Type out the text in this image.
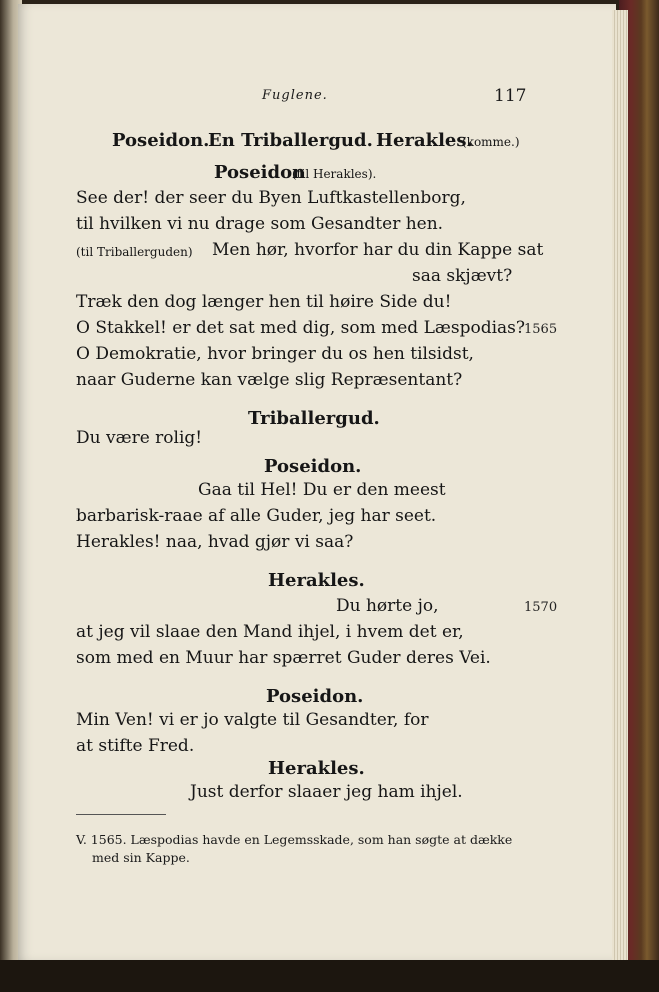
Fuglene.	117
Poseidon.
En Triballergud. Herakles.
(komme.)
Poseidon
(til Herakles).
See der! der seer du Byen Luftkastellenborg,
til hvilken vi nu drage som Gesandter hen.
(til Triballerguden) Men hør, hvorfor har du din Kappe sat
saa skjævt?
Træk den dog længer hen til høire Side du!
O Stakkel! er det sat med dig, som med Læspodias? 1565
O Demokratie, hvor bringer du os hen tilsidst,
naar Guderne kan vælge slig Repræsentant?
Triballergud.
Du være rolig!
Poseidon.
Gaa til Hel! Du er den meest
barbarisk-raae af alle Guder, jeg har seet.
Herakles! naa, hvad gjør vi saa?
Herakles.
Du hørte jo,	1570
at jeg vil slaae den Mand ihjel, i hvem det er,
som med en Muur har spærret Guder deres Vei.
Poseidon.
Min Ven! vi er jo valgte til Gesandter, for
at stifte Fred.
Herakles.
Just derfor slaaer jeg ham ihjel.
V. 1565. Læspodias havde en Legemsskade, som han søgte at dække
med sin Kappe.
